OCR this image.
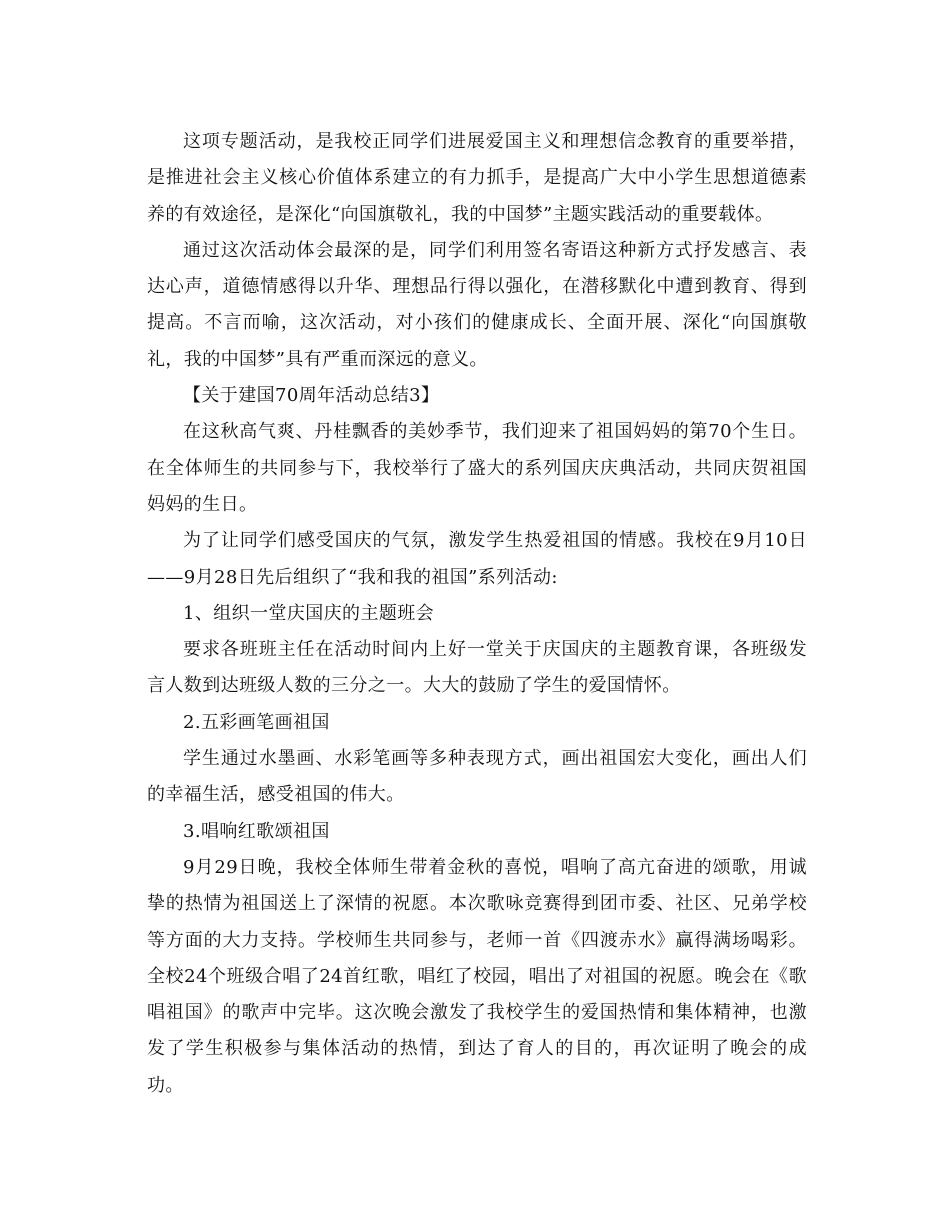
这项专题活动，是我校正同学们进展爱国主义和理想信念教育的重要举措，是推进社会主义核心价值体系建立的有力抓手，是提高广大中小学生思想道德素养的有效途径，是深化“向国旗敬礼，我的中国梦”主题实践活动的重要载体。

通过这次活动体会最深的是，同学们利用签名寄语这种新方式抒发感言、表达心声，道德情感得以升华、理想品行得以强化，在潜移默化中遭到教育、得到提高。不言而喻，这次活动，对小孩们的健康成长、全面开展、深化“向国旗敬礼，我的中国梦”具有严重而深远的意义。

【关于建国70周年活动总结3】

在这秋高气爽、丹桂飘香的美妙季节，我们迎来了祖国妈妈的第70个生日。在全体师生的共同参与下，我校举行了盛大的系列国庆庆典活动，共同庆贺祖国妈妈的生日。

为了让同学们感受国庆的气氛，激发学生热爱祖国的情感。我校在9月10日——9月28日先后组织了“我和我的祖国”系列活动:

1、组织一堂庆国庆的主题班会

要求各班班主任在活动时间内上好一堂关于庆国庆的主题教育课，各班级发言人数到达班级人数的三分之一。大大的鼓励了学生的爱国情怀。

2.五彩画笔画祖国

学生通过水墨画、水彩笔画等多种表现方式，画出祖国宏大变化，画出人们的幸福生活，感受祖国的伟大。

3.唱响红歌颂祖国

9月29日晚，我校全体师生带着金秋的喜悦，唱响了高亢奋进的颂歌，用诚挚的热情为祖国送上了深情的祝愿。本次歌咏竞赛得到团市委、社区、兄弟学校等方面的大力支持。学校师生共同参与，老师一首《四渡赤水》赢得满场喝彩。全校24个班级合唱了24首红歌，唱红了校园，唱出了对祖国的祝愿。晚会在《歌唱祖国》的歌声中完毕。这次晚会激发了我校学生的爱国热情和集体精神，也激发了学生积极参与集体活动的热情，到达了育人的目的，再次证明了晚会的成功。
